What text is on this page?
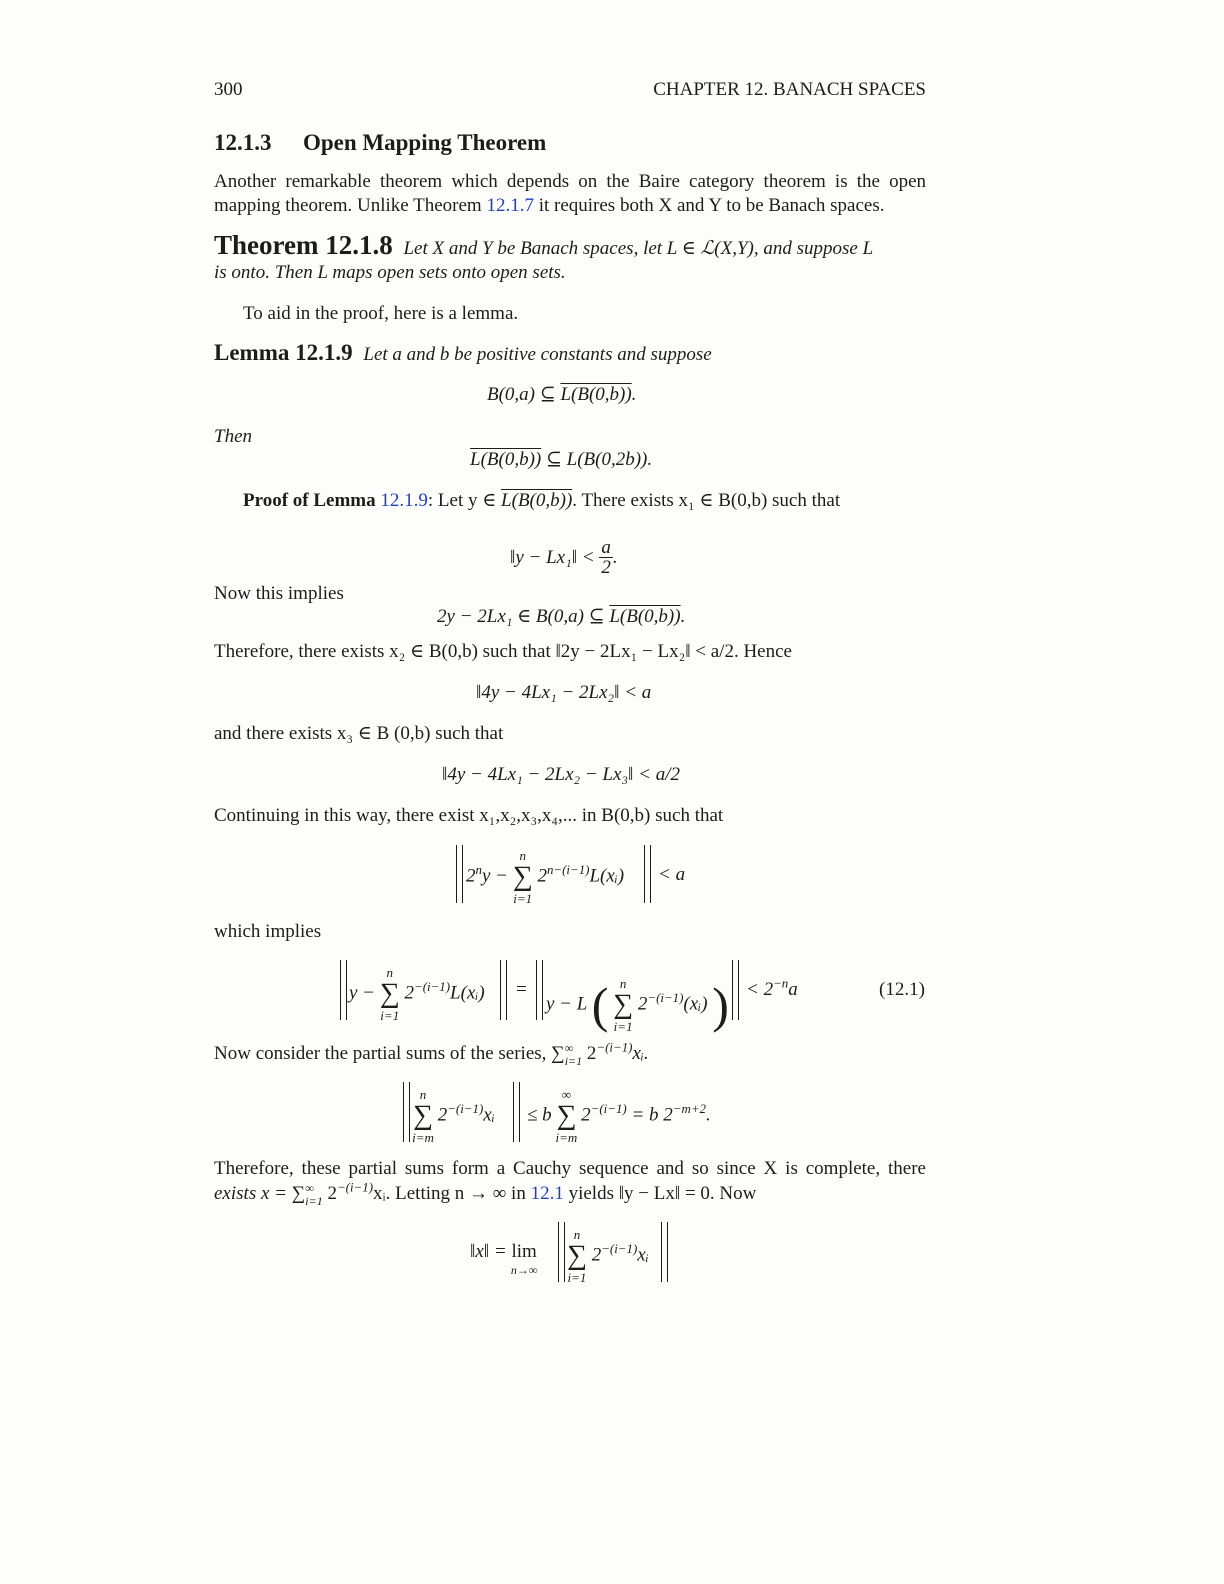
300	CHAPTER 12. BANACH SPACES
12.1.3 Open Mapping Theorem
Another remarkable theorem which depends on the Baire category theorem is the open
mapping theorem. Unlike Theorem 12.1.7 it requires both X and Y to be Banach spaces.
Theorem 12.1.8 Let X and Y be Banach spaces, let L ∈ ℒ(X,Y), and suppose L
is onto. Then L maps open sets onto open sets.
To aid in the proof, here is a lemma.
Lemma 12.1.9 Let a and b be positive constants and suppose
B(0,a) ⊆ L(B(0,b)).
Then
L(B(0,b)) ⊆ L(B(0,2b)).
Proof of Lemma 12.1.9: Let y ∈ L(B(0,b)). There exists x₁ ∈ B(0,b) such that
‖y − Lx₁‖ < $\frac{a}{2}$ .
Now this implies
2y − 2Lx₁ ∈ B(0,a) ⊆ L(B(0,b)).
Therefore, there exists x₂ ∈ B(0,b) such that ‖2y − 2Lx₁ − Lx₂‖ < a/2. Hence
‖4y − 4Lx₁ − 2Lx₂‖ < a
and there exists x₃ ∈ B (0,b) such that
‖4y − 4Lx₁ − 2Lx₂ − Lx₃‖ < a/2
Continuing in this way, there exist x₁,x₂,x₃,x₄,... in B(0,b) such that
$2^ny$ −
n
∑
i=1
$2^{n-(i-1)}L(xᵢ) < a$
which implies
y −
n
∑
i=1
$2^{-(i-1)}L(xᵢ)$ =
y − L ( n
∑
i=1
$2^{-(i-1)}(xᵢ)$ ) < $2^{-n}a$	(12.1)
Now consider the partial sums of the series, ∑ ∞
i=1 $2^{-(i-1)}xᵢ$.
n
∑
i=m
$2^{-(i-1)}xᵢ \le b$
∞
∑
i=m
$2^{-(i-1)} = b$ $2^{-m+2}$.
Therefore, these partial sums form a Cauchy sequence and so since X is complete, there
exists x = ∑ ∞
i=1 $2^{-(i-1)}xᵢ$. Letting n → ∞ in 12.1 yields ‖y − Lx‖ = 0. Now
‖x‖ = lim
n→∞
n
∑
i=1
$2^{-(i-1)}xᵢ$
